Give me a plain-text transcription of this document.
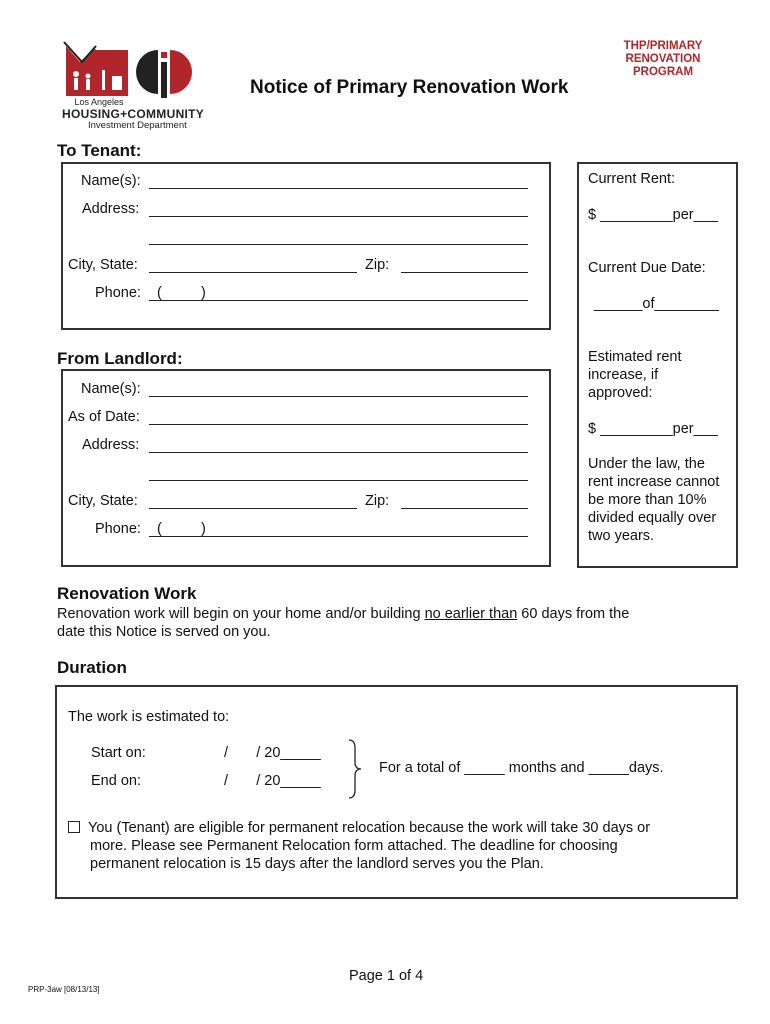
Los Angeles
HOUSING+COMMUNITY
Investment Department
THP/PRIMARY
RENOVATION
PROGRAM
Notice of Primary Renovation Work
To Tenant:
Name(s):
Address:
City, State:	Zip:
Phone: (	)
Current Rent:
$ _________per___
Current Due Date:
______of________
Estimated rent
increase, if
approved:
$ _________per___
Under the law, the
rent increase cannot
be more than 10%
divided equally over
two years.
From Landlord:
Name(s):
As of Date:
Address:
City, State:	Zip:
Phone: (	)
Renovation Work
Renovation work will begin on your home and/or building no earlier than 60 days from the
date this Notice is served on you.
Duration
The work is estimated to:
Start on:	/       / 20_____
End on:	/       / 20_____
For a total of _____ months and _____days.
You (Tenant) are eligible for permanent relocation because the work will take 30 days or
more. Please see Permanent Relocation form attached. The deadline for choosing
permanent relocation is 15 days after the landlord serves you the Plan.
Page 1 of 4
PRP-3aw [08/13/13]
